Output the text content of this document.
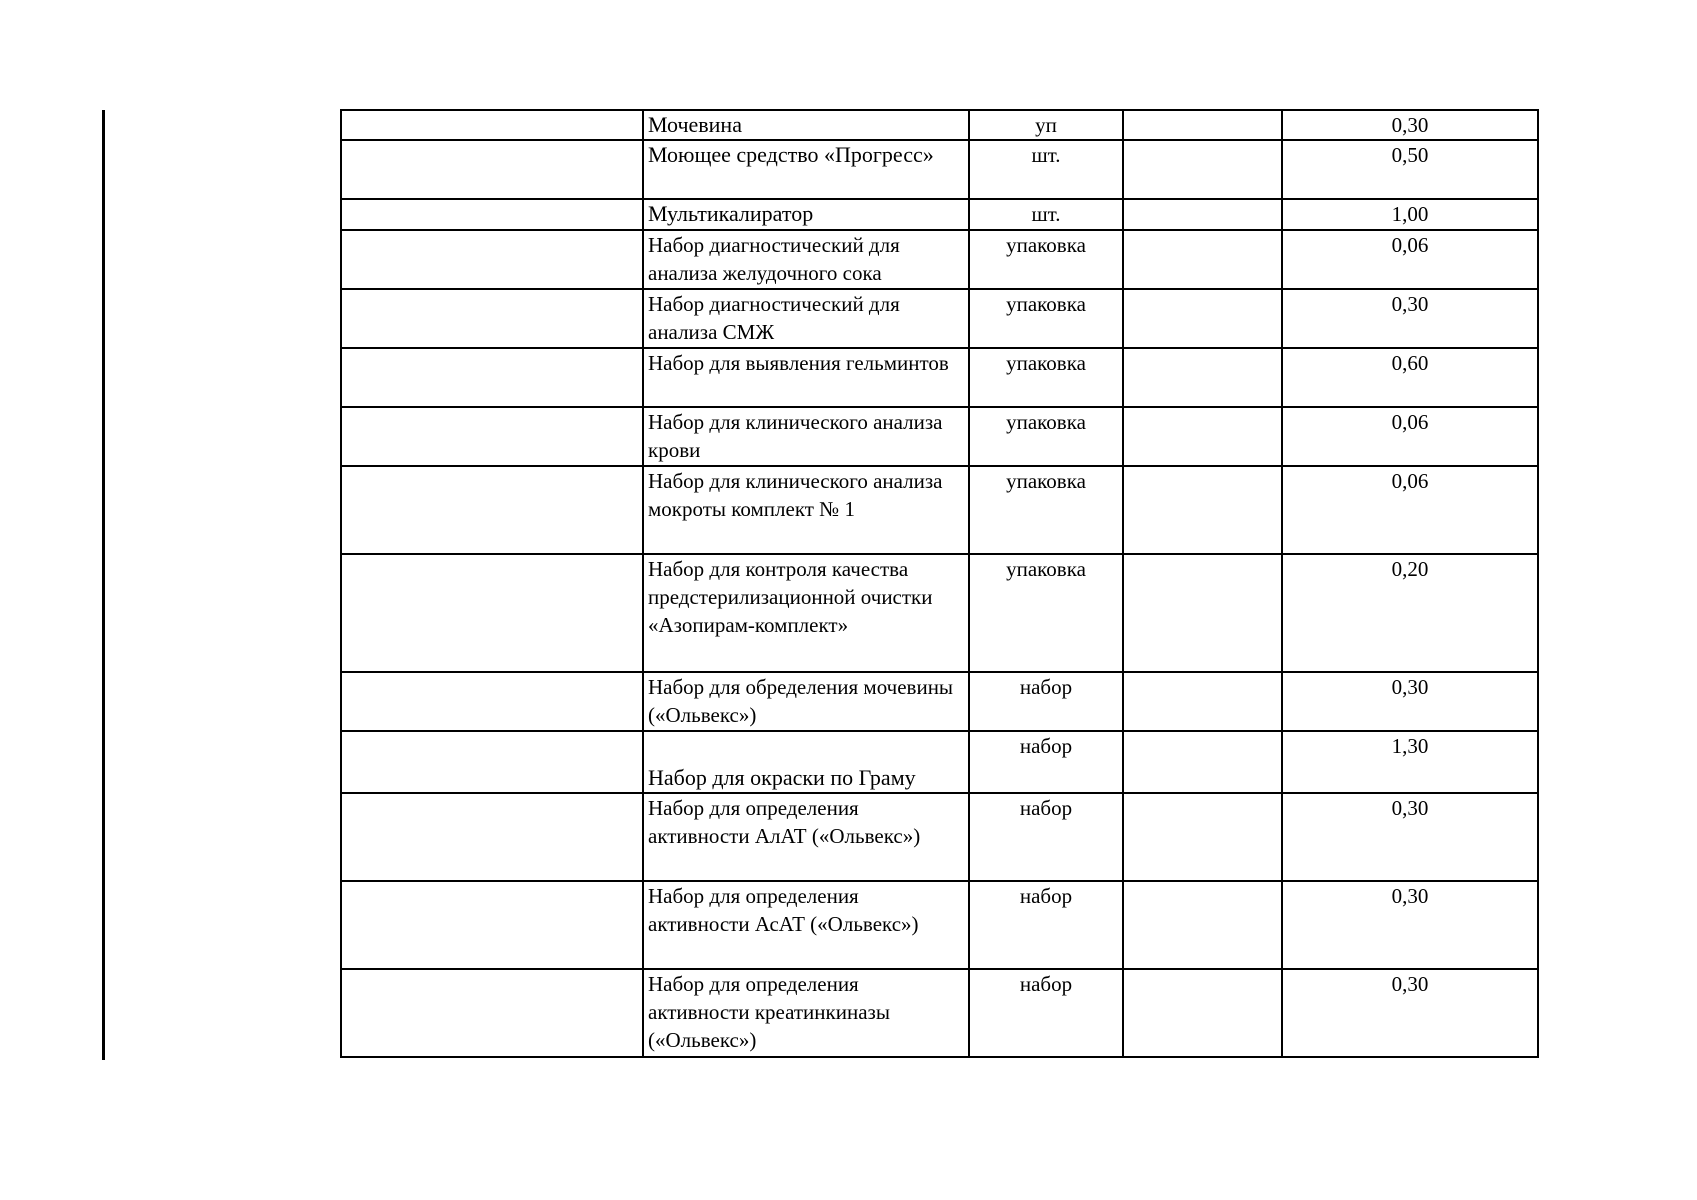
	Мочевина	уп		0,30
	Моющее средство «Прогресс»	шт.		0,50
	Мультикалиратор	шт.		1,00
	Набор диагностический для анализа желудочного сока	упаковка		0,06
	Набор диагностический для анализа СМЖ	упаковка		0,30
	Набор для выявления гельминтов	упаковка		0,60
	Набор для клинического анализа крови	упаковка		0,06
	Набор для клинического анализа мокроты комплект № 1	упаковка		0,06
	Набор для контроля качества предстерилизационной очистки «Азопирам-комплект»	упаковка		0,20
	Набор для обределения мочевины («Ольвекс»)	набор		0,30
	Набор для окраски по Граму	набор		1,30
	Набор для определения активности АлАТ («Ольвекс»)	набор		0,30
	Набор для определения активности АсАТ («Ольвекс»)	набор		0,30
	Набор для определения активности креатинкиназы («Ольвекс»)	набор		0,30
